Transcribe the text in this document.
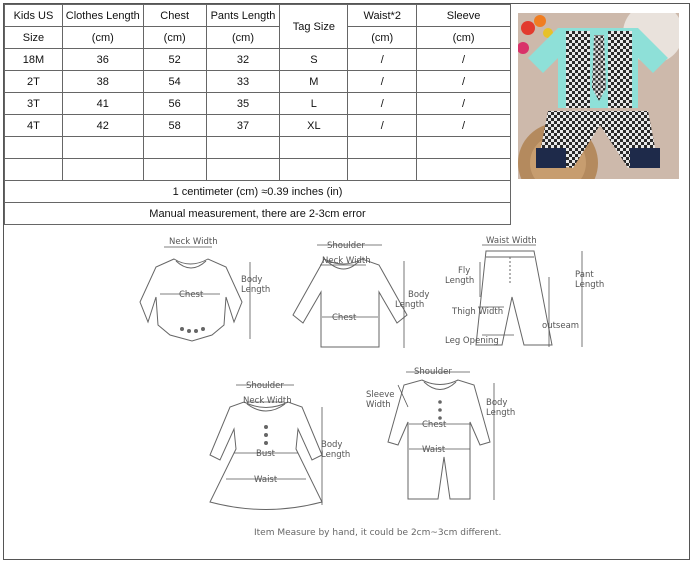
Kids US	Clothes Length	Chest	Pants Length	Tag Size	Waist*2	Sleeve
Size	(cm)	(cm)	(cm)		(cm)	(cm)
18M	36	52	32	S	/	/
2T	38	54	33	M	/	/
3T	41	56	35	L	/	/
4T	42	58	37	XL	/	/

1 centimeter (cm) ≈0.39 inches (in)						
Manual measurement, there are 2-3cm error						
Neck Width
Chest
Body
Length
Shoulder
Neck Width
Chest
Body
Length
Waist Width
Fly
Length
Thigh Width
Leg Opening
Pant
Length
outseam
Shoulder
Neck Width
Bust
Waist
Body
Length
Shoulder
Sleeve
Width
Chest
Waist
Body
Length
Item Measure by hand, it could be 2cm~3cm different.
